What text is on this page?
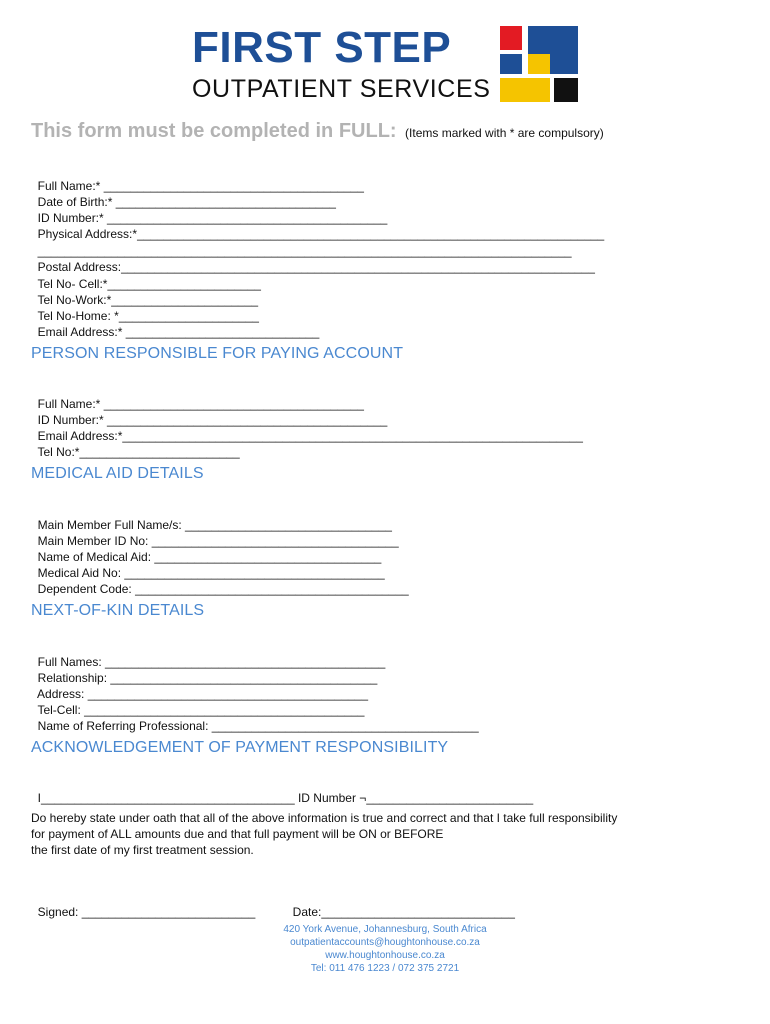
FIRST STEP
OUTPATIENT SERVICES
This form must be completed in FULL: (Items marked with * are compulsory)

Full Name:* _______________________________________

Date of Birth:* _________________________________

ID Number:* __________________________________________

Physical Address:*______________________________________________________________________

________________________________________________________________________________

Postal Address:_______________________________________________________________________

Tel No- Cell:*_______________________

Tel No-Work:*______________________

Tel No-Home: *_____________________

Email Address:* _____________________________

PERSON RESPONSIBLE FOR PAYING ACCOUNT

Full Name:* _______________________________________

ID Number:* __________________________________________

Email Address:*_____________________________________________________________________

Tel No:*________________________

MEDICAL AID DETAILS

Main Member Full Name/s: _______________________________

Main Member ID No: _____________________________________

Name of Medical Aid: __________________________________

Medical Aid No: _______________________________________

Dependent Code: _________________________________________

NEXT-OF-KIN DETAILS

Full Names: __________________________________________

Relationship: ________________________________________

Address: __________________________________________

Tel-Cell: __________________________________________

Name of Referring Professional: ________________________________________

ACKNOWLEDGEMENT OF PAYMENT RESPONSIBILITY

I______________________________________ ID Number ¬_________________________

Do hereby state under oath that all of the above information is true and correct and that I take full responsibility
for payment of ALL amounts due and that full payment will be ON or BEFORE
the first date of my first treatment session.

Signed: __________________________	Date:_____________________________

420 York Avenue, Johannesburg, South Africa
outpatientaccounts@houghtonhouse.co.za
www.houghtonhouse.co.za
Tel: 011 476 1223 / 072 375 2721
